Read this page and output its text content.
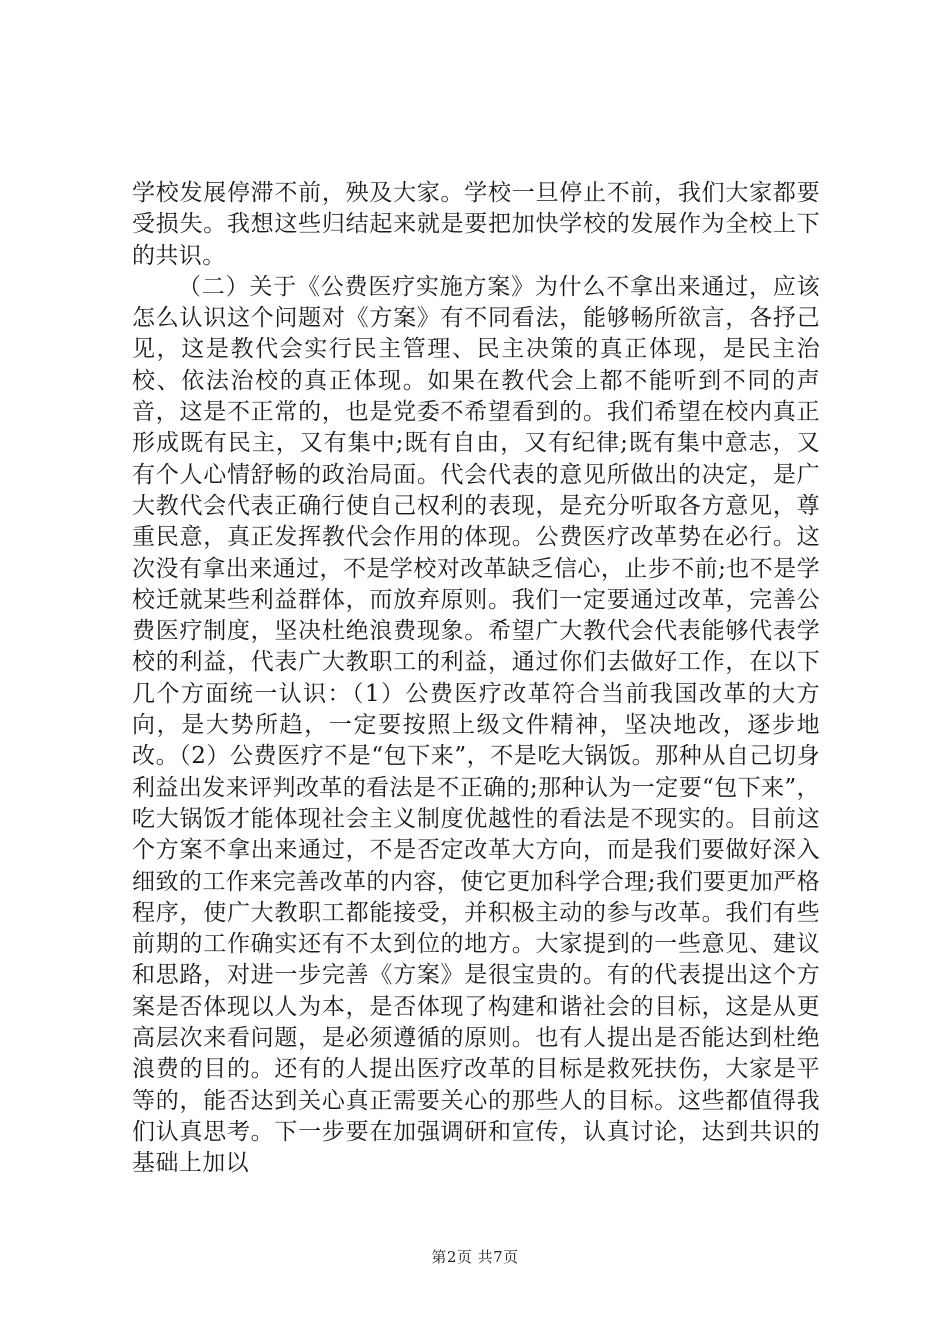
学校发展停滞不前，殃及大家。学校一旦停止不前，我们大家都要受损失。我想这些归结起来就是要把加快学校的发展作为全校上下的共识。

（二）关于《公费医疗实施方案》为什么不拿出来通过，应该怎么认识这个问题对《方案》有不同看法，能够畅所欲言，各抒己见，这是教代会实行民主管理、民主决策的真正体现，是民主治校、依法治校的真正体现。如果在教代会上都不能听到不同的声音，这是不正常的，也是党委不希望看到的。我们希望在校内真正形成既有民主，又有集中;既有自由，又有纪律;既有集中意志，又有个人心情舒畅的政治局面。代会代表的意见所做出的决定，是广大教代会代表正确行使自己权利的表现，是充分听取各方意见，尊重民意，真正发挥教代会作用的体现。公费医疗改革势在必行。这次没有拿出来通过，不是学校对改革缺乏信心，止步不前;也不是学校迁就某些利益群体，而放弃原则。我们一定要通过改革，完善公费医疗制度，坚决杜绝浪费现象。希望广大教代会代表能够代表学校的利益，代表广大教职工的利益，通过你们去做好工作，在以下几个方面统一认识：（1）公费医疗改革符合当前我国改革的大方向，是大势所趋，一定要按照上级文件精神，坚决地改，逐步地改。（2）公费医疗不是“包下来”，不是吃大锅饭。那种从自己切身利益出发来评判改革的看法是不正确的;那种认为一定要“包下来”，吃大锅饭才能体现社会主义制度优越性的看法是不现实的。目前这个方案不拿出来通过，不是否定改革大方向，而是我们要做好深入细致的工作来完善改革的内容，使它更加科学合理;我们要更加严格程序，使广大教职工都能接受，并积极主动的参与改革。我们有些前期的工作确实还有不太到位的地方。大家提到的一些意见、建议和思路，对进一步完善《方案》是很宝贵的。有的代表提出这个方案是否体现以人为本，是否体现了构建和谐社会的目标，这是从更高层次来看问题，是必须遵循的原则。也有人提出是否能达到杜绝浪费的目的。还有的人提出医疗改革的目标是救死扶伤，大家是平等的，能否达到关心真正需要关心的那些人的目标。这些都值得我们认真思考。下一步要在加强调研和宣传，认真讨论，达到共识的基础上加以

第2页 共7页
